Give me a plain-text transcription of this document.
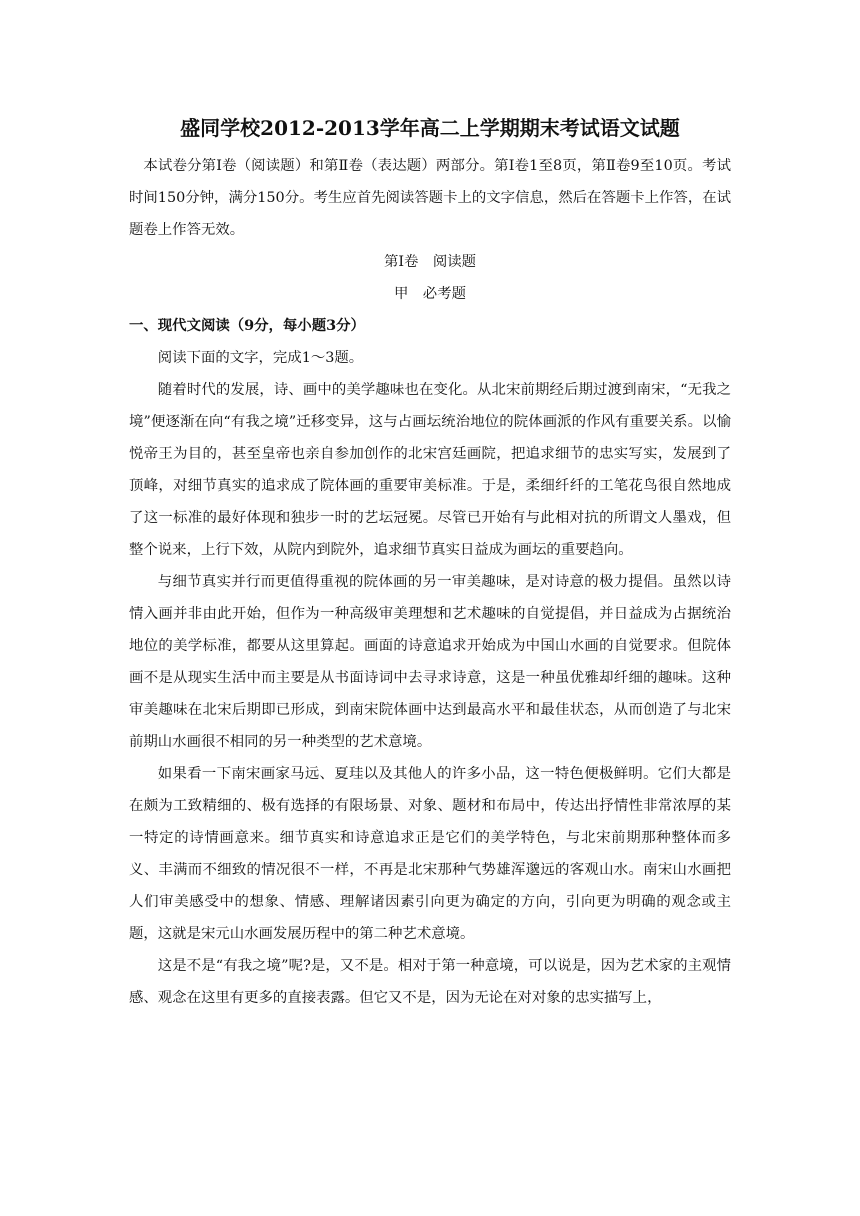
盛同学校2012-2013学年高二上学期期末考试语文试题

本试卷分第Ⅰ卷（阅读题）和第Ⅱ卷（表达题）两部分。第Ⅰ卷1至8页，第Ⅱ卷9至10页。考试时间150分钟，满分150分。考生应首先阅读答题卡上的文字信息，然后在答题卡上作答，在试题卷上作答无效。

第Ⅰ卷　阅读题

甲　必考题

一、现代文阅读（9分，每小题3分）

阅读下面的文字，完成1～3题。

随着时代的发展，诗、画中的美学趣味也在变化。从北宋前期经后期过渡到南宋，“无我之境”便逐渐在向“有我之境”迁移变异，这与占画坛统治地位的院体画派的作风有重要关系。以愉悦帝王为目的，甚至皇帝也亲自参加创作的北宋宫廷画院，把追求细节的忠实写实，发展到了顶峰，对细节真实的追求成了院体画的重要审美标准。于是，柔细纤纤的工笔花鸟很自然地成了这一标准的最好体现和独步一时的艺坛冠冕。尽管已开始有与此相对抗的所谓文人墨戏，但整个说来，上行下效，从院内到院外，追求细节真实日益成为画坛的重要趋向。

与细节真实并行而更值得重视的院体画的另一审美趣味，是对诗意的极力提倡。虽然以诗情入画并非由此开始，但作为一种高级审美理想和艺术趣味的自觉提倡，并日益成为占据统治地位的美学标准，都要从这里算起。画面的诗意追求开始成为中国山水画的自觉要求。但院体画不是从现实生活中而主要是从书面诗词中去寻求诗意，这是一种虽优雅却纤细的趣味。这种审美趣味在北宋后期即已形成，到南宋院体画中达到最高水平和最佳状态，从而创造了与北宋前期山水画很不相同的另一种类型的艺术意境。

如果看一下南宋画家马远、夏珪以及其他人的许多小品，这一特色便极鲜明。它们大都是在颇为工致精细的、极有选择的有限场景、对象、题材和布局中，传达出抒情性非常浓厚的某一特定的诗情画意来。细节真实和诗意追求正是它们的美学特色，与北宋前期那种整体而多义、丰满而不细致的情况很不一样，不再是北宋那种气势雄浑邈远的客观山水。南宋山水画把人们审美感受中的想象、情感、理解诸因素引向更为确定的方向，引向更为明确的观念或主题，这就是宋元山水画发展历程中的第二种艺术意境。

这是不是“有我之境”呢?是，又不是。相对于第一种意境，可以说是，因为艺术家的主观情感、观念在这里有更多的直接表露。但它又不是，因为无论在对对象的忠实描写上，
